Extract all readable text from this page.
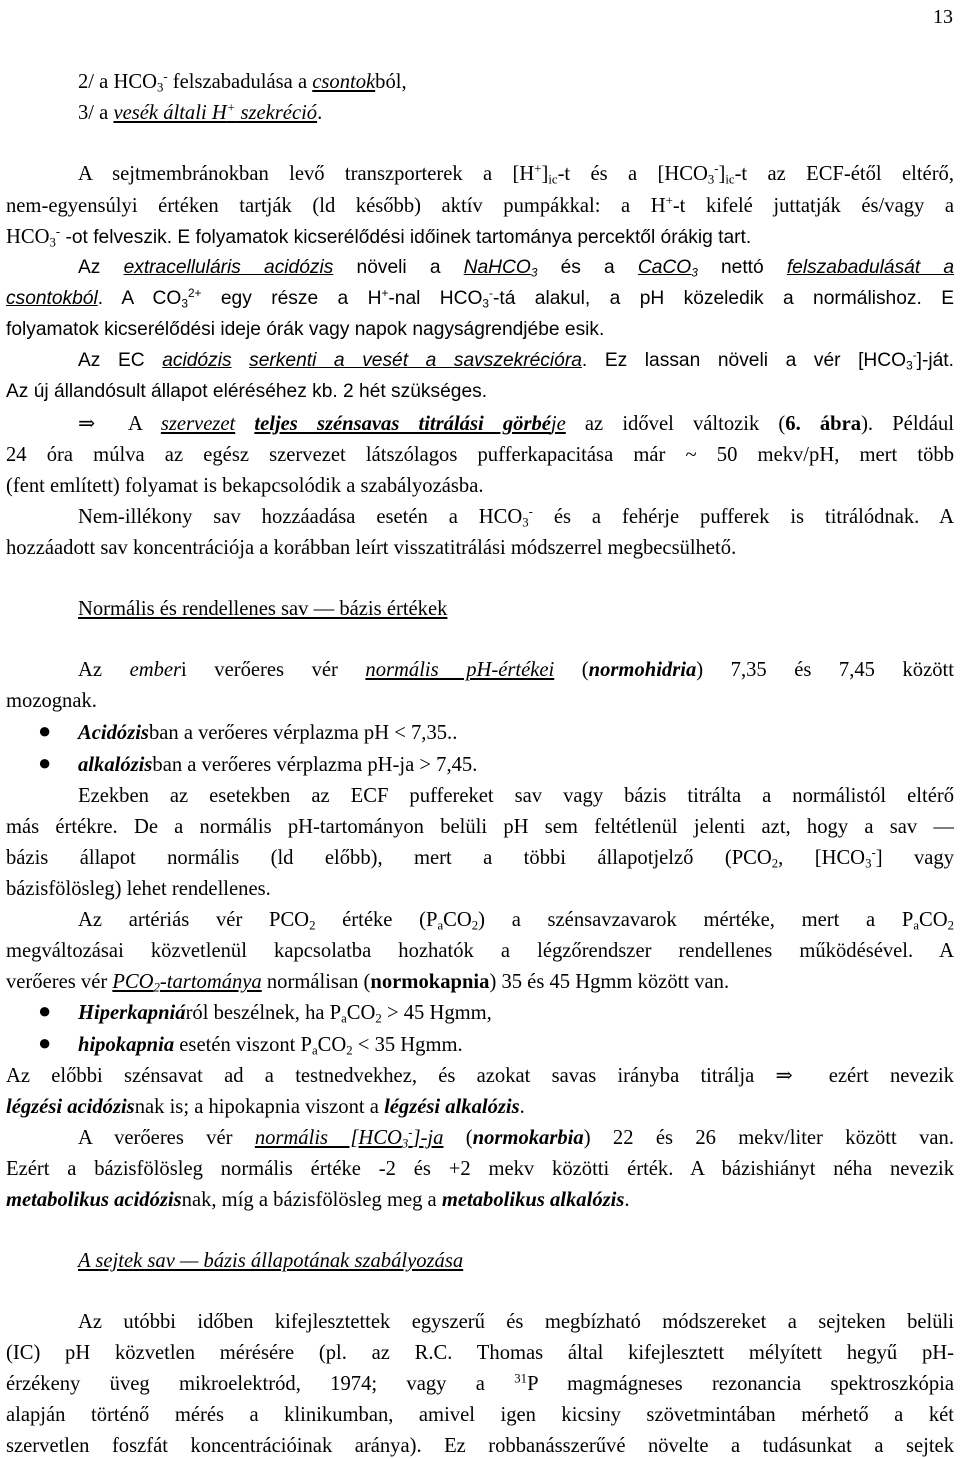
13
2/ a $HCO_3^-$ felszabadulása a csontokból,
3/ a vesék általi H+ szekréció.
A sejtmembránokban levő transzporterek a $[H^+]_{ic}-t$ és a $[HCO_3^-]_{ic}-t$ az ECF-étől eltérő,
nem-egyensúlyi értéken tartják (ld később) aktív pumpákkal: a H+-t kifelé juttatják és/vagy a
$HCO_3^-$ -ot felveszik. E folyamatok kicserélődési időinek tartománya percektől órákig tart.
Az extracelluláris acidózis növeli a NaHCO$_3$ és a CaCO$_3$ nettó felszabadulását a
csontokból. A $CO_3^{2+}$ egy része a H+-nal $HCO_3^--tá$ alakul, a pH közeledik a normálishoz. E
folyamatok kicserélődési ideje órák vagy napok nagyságrendjébe esik.
Az EC acidózis serkenti a vesét a savszekrécióra. Ez lassan növeli a vér $[HCO_3^-]$-ját.
Az új állandósult állapot eléréséhez kb. 2 hét szükséges.
⇒ A szervezet teljes szénsavas titrálási görbéje az idővel változik (6. ábra). Például
24 óra múlva az egész szervezet látszólagos pufferkapacitása már ~ 50 mekv/pH, mert több
(fent említett) folyamat is bekapcsolódik a szabályozásba.
Nem-illékony sav hozzáadása esetén a $HCO_3^-$ és a fehérje pufferek is titrálódnak. A
hozzáadott sav koncentrációja a korábban leírt visszatitrálási módszerrel megbecsülhető.
Normális és rendellenes sav — bázis értékek
Az emberi verőeres vér normális pH-értékei (normohidria) 7,35 és 7,45 között
mozognak.
● Acidózisban a verőeres vérplazma pH < 7,35..
● alkalózisban a verőeres vérplazma pH-ja > 7,45.
Ezekben az esetekben az ECF puffereket sav vagy bázis titrálta a normálistól eltérő
más értékre. De a normális pH-tartományon belüli pH sem feltétlenül jelenti azt, hogy a sav —
bázis állapot normális (ld előbb), mert a többi állapotjelző ($PCO_2$, $[HCO_3^-]$ vagy
bázisfölösleg) lehet rendellenes.
Az artériás vér $PCO_2$ értéke $(P_aCO_2)$ a szénsavzavarok mértéke, mert a $P_aCO_2$
megváltozásai közvetlenül kapcsolatba hozhatók a légzőrendszer rendellenes működésével. A
verőeres vér $PCO_2$-tartománya normálisan (normokapnia) 35 és 45 Hgmm között van.
● Hiperkapniáról beszélnek, ha $P_aCO_2 > 45$ Hgmm,
● hipokapnia esetén viszont $P_aCO_2 < 35$ Hgmm.
Az előbbi szénsavat ad a testnedvekhez, és azokat savas irányba titrálja ⇒ ezért nevezik
légzési acidózisnak is; a hipokapnia viszont a légzési alkalózis.
A verőeres vér normális $[HCO_3^-]-ja$ (normokarbia) 22 és 26 mekv/liter között van.
Ezért a bázisfölösleg normális értéke -2 és +2 mekv közötti érték. A bázishiányt néha nevezik
metabolikus acidózisnak, míg a bázisfölösleg meg a metabolikus alkalózis.
A sejtek sav — bázis állapotának szabályozása
Az utóbbi időben kifejlesztettek egyszerű és megbízható módszereket a sejteken belüli
(IC) pH közvetlen mérésére (pl. az R.C. Thomas által kifejlesztett mélyített hegyű pH-
érzékeny üveg mikroelektród, 1974; vagy a $^{31}$P magmágneses rezonancia spektroszkópia
alapján történő mérés a klinikumban, amivel igen kicsiny szövetmintában mérhető a két
szervetlen foszfát koncentrációinak aránya). Ez robbanásszerűvé növelte a tudásunkat a sejtek
